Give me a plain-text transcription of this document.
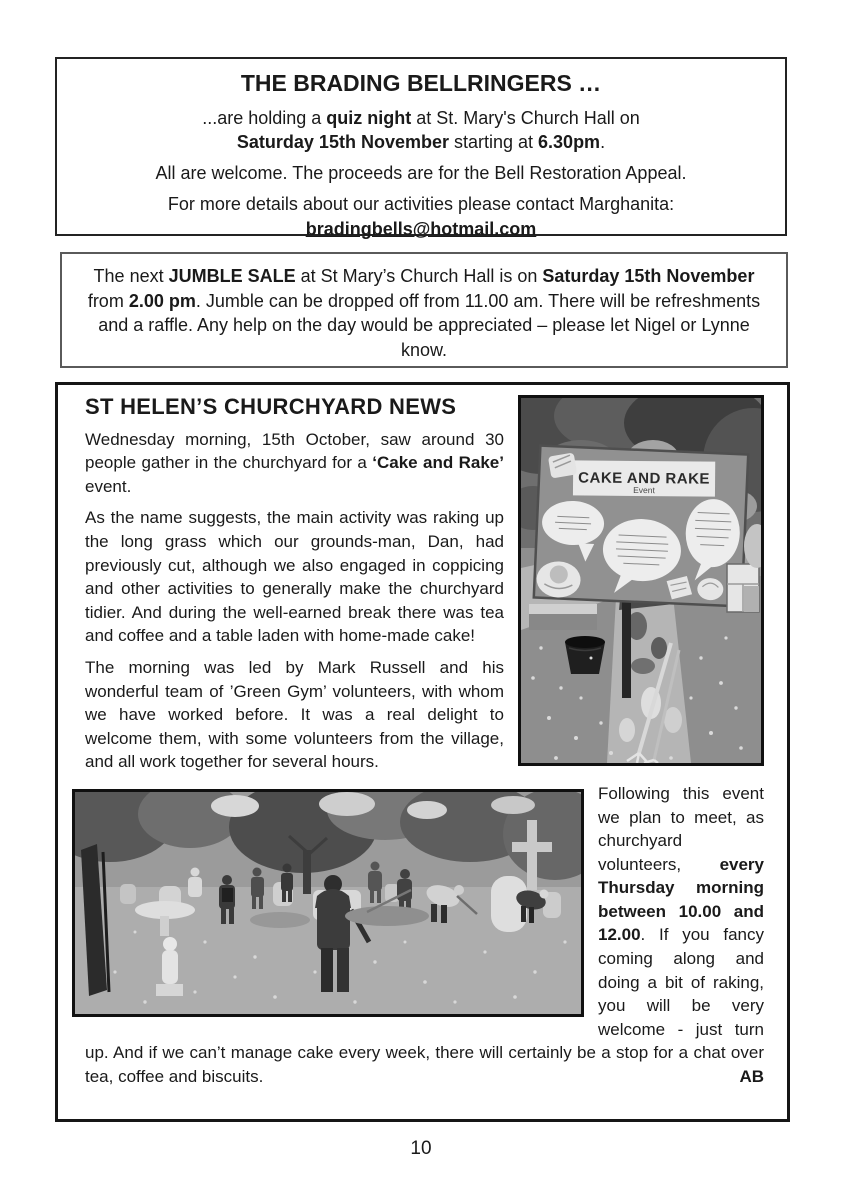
THE BRADING BELLRINGERS …
...are holding a quiz night at St. Mary's Church Hall on
Saturday 15th November starting at 6.30pm.
All are welcome. The proceeds are for the Bell Restoration Appeal.
For more details about our activities please contact Marghanita:
bradingbells@hotmail.com
The next JUMBLE SALE at St Mary’s Church Hall is on Saturday 15th November from 2.00 pm. Jumble can be dropped off from 11.00 am. There will be refreshments and a raffle. Any help on the day would be appreciated – please let Nigel or Lynne know.
CAKE AND RAKE
Event
ST HELEN’S CHURCHYARD NEWS

Wednesday morning, 15th October, saw around 30 people gather in the churchyard for a ‘Cake and Rake’ event.

As the name suggests, the main activity was raking up the long grass which our grounds-man, Dan, had previously cut, although we also engaged in coppicing and other activities to generally make the churchyard tidier. And during the well-earned break there was tea and coffee and a table laden with home-made cake!

The morning was led by Mark Russell and his wonderful team of ’Green Gym’ volunteers, with whom we have worked before. It was a real delight to welcome them, with some volunteers from the village, and all work together for several hours.

Following this event we plan to meet, as churchyard volunteers, every Thursday morning between 10.00 and 12.00. If you fancy coming along and doing a bit of raking, you will be very welcome - just turn up. And if we can’t manage cake every week, there will certainly be a stop for a chat over tea, coffee and biscuits.	AB

10
